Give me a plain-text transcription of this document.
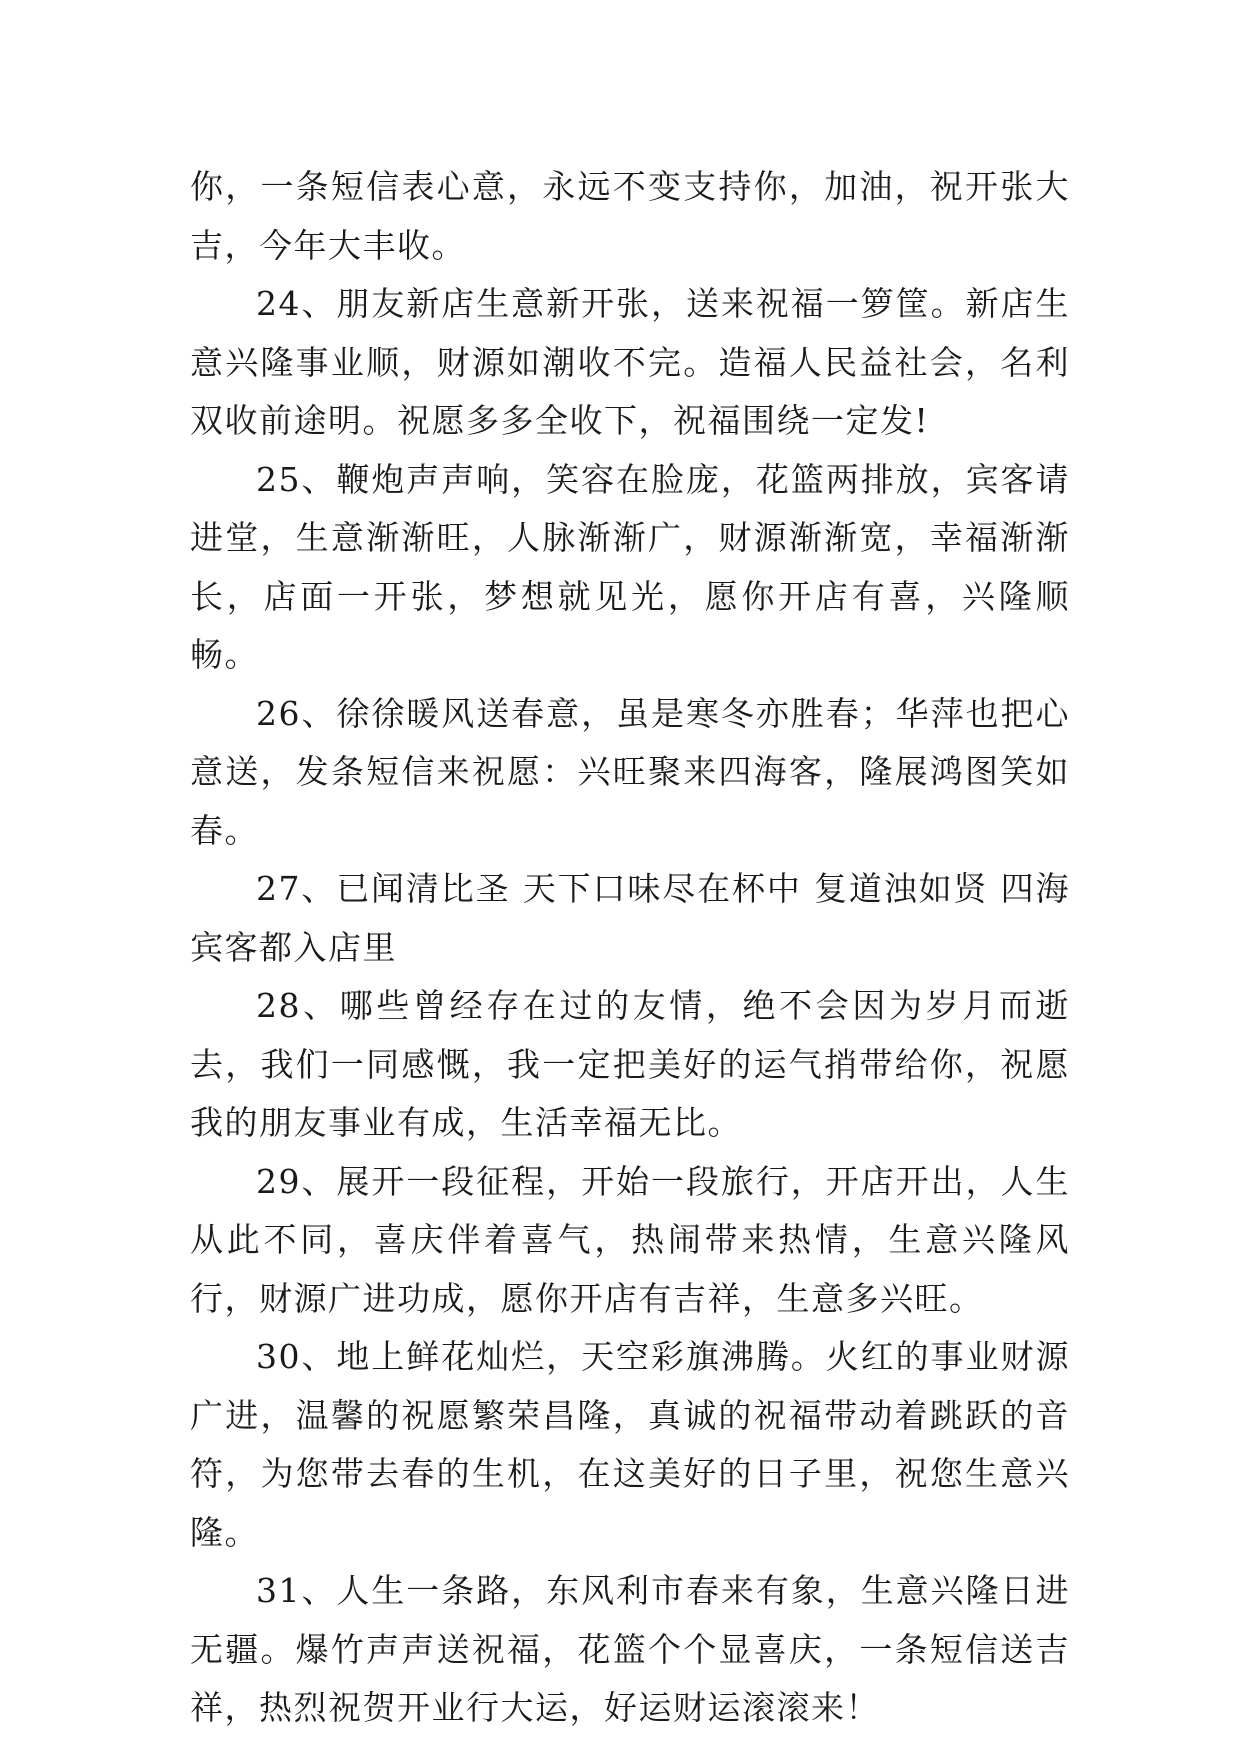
你，一条短信表心意，永远不变支持你，加油，祝开张大吉，今年大丰收。

24、朋友新店生意新开张，送来祝福一箩筐。新店生意兴隆事业顺，财源如潮收不完。造福人民益社会，名利双收前途明。祝愿多多全收下，祝福围绕一定发!

25、鞭炮声声响，笑容在脸庞，花篮两排放，宾客请进堂，生意渐渐旺，人脉渐渐广，财源渐渐宽，幸福渐渐长，店面一开张，梦想就见光，愿你开店有喜，兴隆顺畅。

26、徐徐暖风送春意，虽是寒冬亦胜春；华萍也把心意送，发条短信来祝愿：兴旺聚来四海客，隆展鸿图笑如春。

27、已闻清比圣 天下口味尽在杯中 复道浊如贤 四海宾客都入店里

28、哪些曾经存在过的友情，绝不会因为岁月而逝去，我们一同感慨，我一定把美好的运气捎带给你，祝愿我的朋友事业有成，生活幸福无比。

29、展开一段征程，开始一段旅行，开店开出，人生从此不同，喜庆伴着喜气，热闹带来热情，生意兴隆风行，财源广进功成，愿你开店有吉祥，生意多兴旺。

30、地上鲜花灿烂，天空彩旗沸腾。火红的事业财源广进，温馨的祝愿繁荣昌隆，真诚的祝福带动着跳跃的音符，为您带去春的生机，在这美好的日子里，祝您生意兴隆。

31、人生一条路，东风利市春来有象，生意兴隆日进无疆。爆竹声声送祝福，花篮个个显喜庆，一条短信送吉祥，热烈祝贺开业行大运，好运财运滚滚来！
